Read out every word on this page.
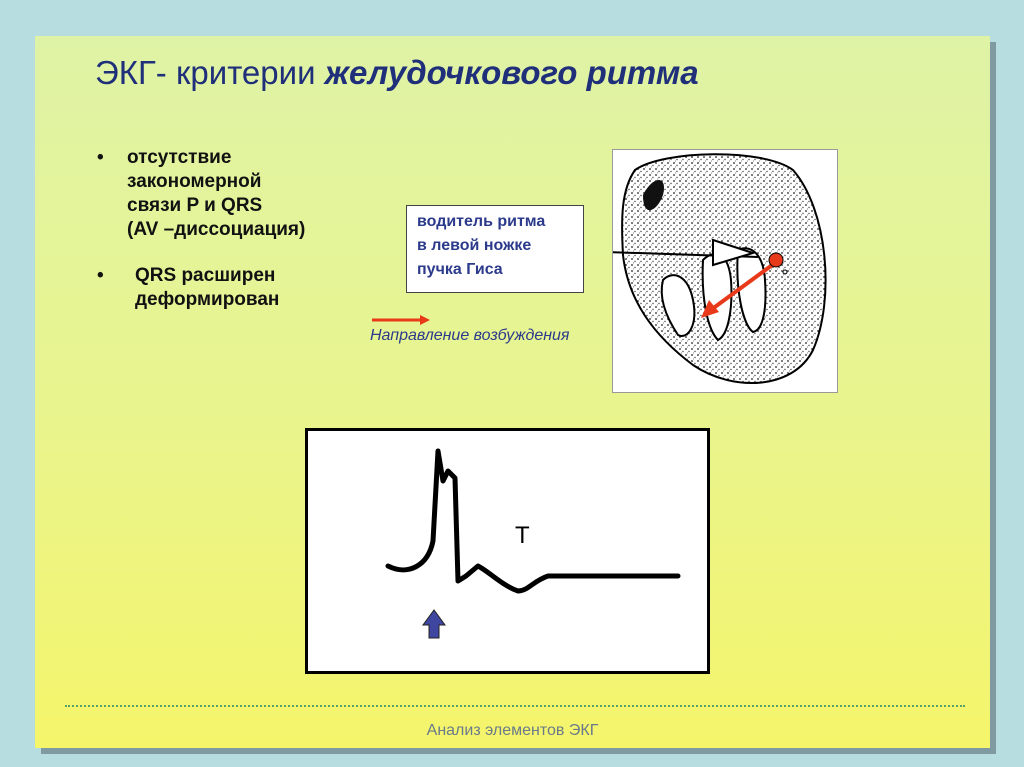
ЭКГ- критерии желудочкового ритма
• отсутствие
закономерной
связи P и QRS
(AV –диссоциация)
• QRS расширен
деформирован
водитель ритма
в левой ножке
пучка Гиса
Направление возбуждения
T
Анализ элементов ЭКГ
